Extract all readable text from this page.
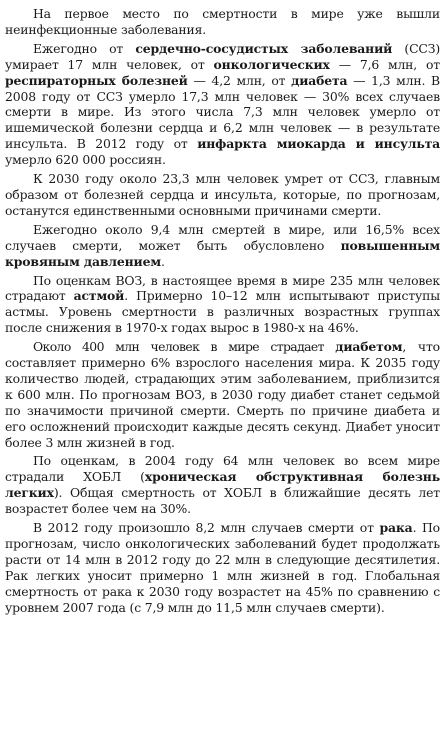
На первое место по смертности в мире уже вышли неинфекционные заболевания.

Ежегодно от сердечно-сосудистых заболеваний (ССЗ) умирает 17 млн человек, от онкологических — 7,6 млн, от респираторных болезней — 4,2 млн, от диабета — 1,3 млн. В 2008 году от ССЗ умерло 17,3 млн человек — 30% всех случаев смерти в мире. Из этого числа 7,3 млн человек умерло от ишемической болезни сердца и 6,2 млн человек — в результате инсульта. В 2012 году от инфаркта миокарда и инсульта умерло 620 000 россиян.

К 2030 году около 23,3 млн человек умрет от ССЗ, главным образом от болезней сердца и инсульта, которые, по прогнозам, останутся единственными основными причинами смерти.

Ежегодно около 9,4 млн смертей в мире, или 16,5% всех случаев смерти, может быть обусловлено повышенным кровяным давлением.

По оценкам ВОЗ, в настоящее время в мире 235 млн человек страдают астмой. Примерно 10–12 млн испытывают приступы астмы. Уровень смертности в различных возрастных группах после снижения в 1970-х годах вырос в 1980-х на 46%.

Около 400 млн человек в мире страдает диабетом, что составляет примерно 6% взрослого населения мира. К 2035 году количество людей, страдающих этим заболеванием, приблизится к 600 млн. По прогнозам ВОЗ, в 2030 году диабет станет седьмой по значимости причиной смерти. Смерть по причине диабета и его осложнений происходит каждые десять секунд. Диабет уносит более 3 млн жизней в год.

По оценкам, в 2004 году 64 млн человек во всем мире страдали ХОБЛ (хроническая обструктивная болезнь легких). Общая смертность от ХОБЛ в ближайшие десять лет возрастет более чем на 30%.

В 2012 году произошло 8,2 млн случаев смерти от рака. По прогнозам, число онкологических заболеваний будет продолжать расти от 14 млн в 2012 году до 22 млн в следующие десятилетия. Рак легких уносит примерно 1 млн жизней в год. Глобальная смертность от рака к 2030 году возрастет на 45% по сравнению с уровнем 2007 года (с 7,9 млн до 11,5 млн случаев смерти).
